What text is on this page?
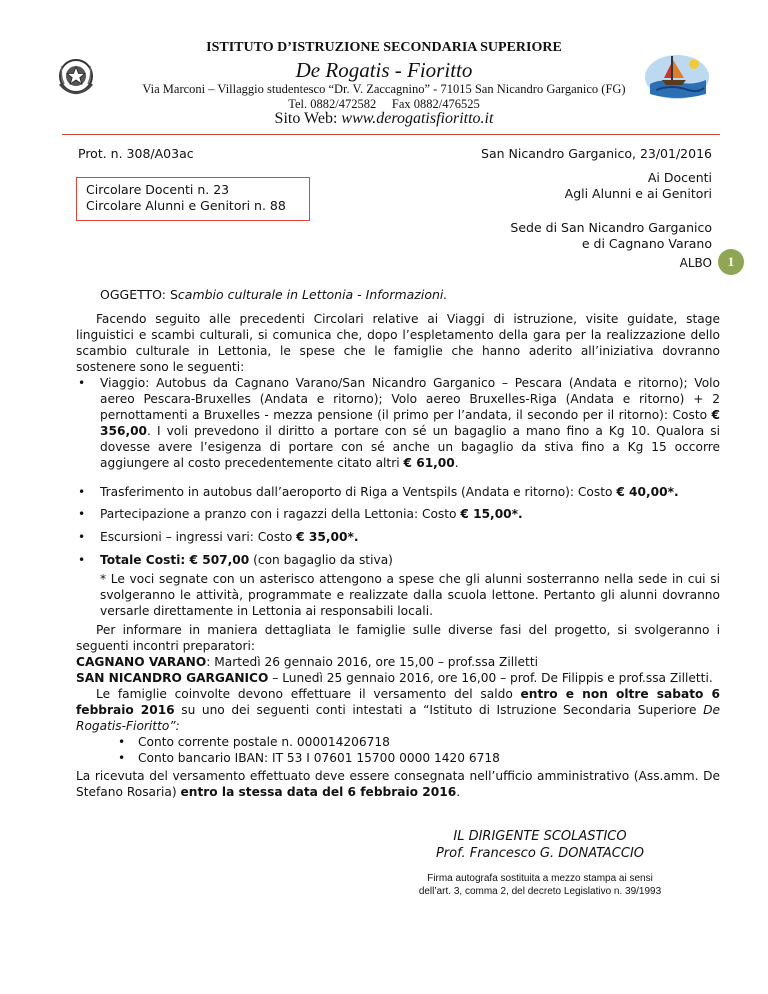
ISTITUTO D’ISTRUZIONE SECONDARIA SUPERIORE
De Rogatis - Fioritto
Via Marconi – Villaggio studentesco “Dr. V. Zaccagnino” - 71015 San Nicandro Garganico (FG)
Tel. 0882/472582 Fax 0882/476525
Sito Web: www.derogatisfioritto.it
Prot. n. 308/A03ac	San Nicandro Garganico, 23/01/2016
Circolare Docenti n. 23
Circolare Alunni e Genitori n. 88
Ai Docenti
Agli Alunni e ai Genitori
Sede di San Nicandro Garganico
e di Cagnano Varano
ALBO	1
OGGETTO: Scambio culturale in Lettonia - Informazioni.
Facendo seguito alle precedenti Circolari relative ai Viaggi di istruzione, visite guidate, stage linguistici e scambi culturali, si comunica che, dopo l’espletamento della gara per la realizzazione dello scambio culturale in Lettonia, le spese che le famiglie che hanno aderito all’iniziativa dovranno sostenere sono le seguenti:
• Viaggio: Autobus da Cagnano Varano/San Nicandro Garganico – Pescara (Andata e ritorno); Volo aereo Pescara-Bruxelles (Andata e ritorno); Volo aereo Bruxelles-Riga (Andata e ritorno) + 2 pernottamenti a Bruxelles - mezza pensione (il primo per l’andata, il secondo per il ritorno): Costo € 356,00. I voli prevedono il diritto a portare con sé un bagaglio a mano fino a Kg 10. Qualora si dovesse avere l’esigenza di portare con sé anche un bagaglio da stiva fino a Kg 15 occorre aggiungere al costo precedentemente citato altri € 61,00.
• Trasferimento in autobus dall’aeroporto di Riga a Ventspils (Andata e ritorno): Costo € 40,00*.
• Partecipazione a pranzo con i ragazzi della Lettonia: Costo € 15,00*.
• Escursioni – ingressi vari: Costo € 35,00*.
• Totale Costi: € 507,00 (con bagaglio da stiva)
* Le voci segnate con un asterisco attengono a spese che gli alunni sosterranno nella sede in cui si svolgeranno le attività, programmate e realizzate dalla scuola lettone. Pertanto gli alunni dovranno versarle direttamente in Lettonia ai responsabili locali.
Per informare in maniera dettagliata le famiglie sulle diverse fasi del progetto, si svolgeranno i seguenti incontri preparatori:
CAGNANO VARANO: Martedì 26 gennaio 2016, ore 15,00 – prof.ssa Zilletti
SAN NICANDRO GARGANICO – Lunedì 25 gennaio 2016, ore 16,00 – prof. De Filippis e prof.ssa Zilletti.
Le famiglie coinvolte devono effettuare il versamento del saldo entro e non oltre sabato 6 febbraio 2016 su uno dei seguenti conti intestati a “Istituto di Istruzione Secondaria Superiore De Rogatis-Fioritto”:
• Conto corrente postale n. 000014206718
• Conto bancario IBAN: IT 53 I 07601 15700 0000 1420 6718
La ricevuta del versamento effettuato deve essere consegnata nell’ufficio amministrativo (Ass.amm. De Stefano Rosaria) entro la stessa data del 6 febbraio 2016.
IL DIRIGENTE SCOLASTICO
Prof. Francesco G. DONATACCIO
Firma autografa sostituita a mezzo stampa ai sensi
dell’art. 3, comma 2, del decreto Legislativo n. 39/1993
